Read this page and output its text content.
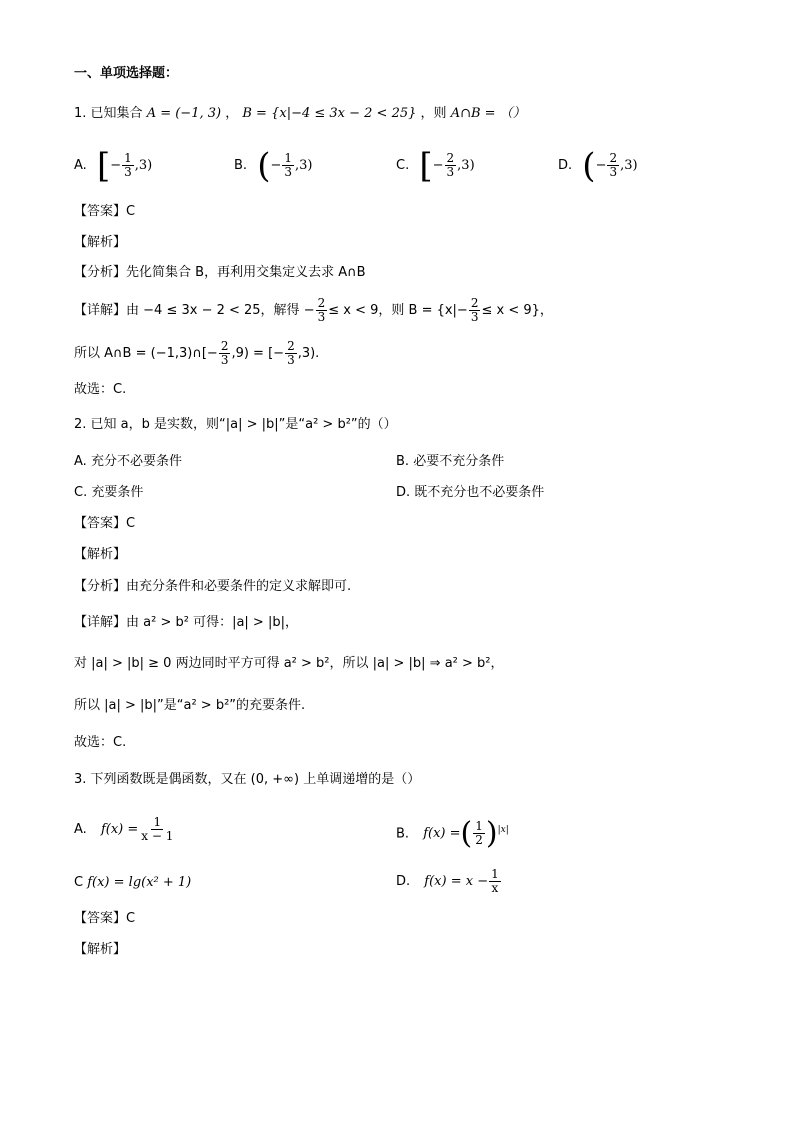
一、单项选择题：
1. 已知集合 A = (−1, 3) ， B = {x|−4 ≤ 3x − 2 < 25} ，则 A∩B = （）
A. [− $\frac{1}{3} ,3$)	B. (− $\frac{1}{3} ,3$)	C. [− $\frac{2}{3} ,3$)	D. (− $\frac{2}{3} ,3$)
【答案】C
【解析】
【分析】先化简集合 B，再利用交集定义去求 A∩B
【详解】由 −4 ≤ 3x − 2 < 25，解得 − $\frac{2}{3} \le x < 9$，则 $B = \{x|- \frac{2}{3} \le x < 9\}$，
所以 A∩B = (−1,3)∩[− $\frac{2}{3} ,9$) = [− $\frac{2}{3} ,3$).
故选：C.
2. 已知 a，b 是实数，则“|a| > |b|”是“a² > b²”的（）
A. 充分不必要条件	B. 必要不充分条件
C. 充要条件	D. 既不充分也不必要条件
【答案】C
【解析】
【分析】由充分条件和必要条件的定义求解即可.
【详解】由 a² > b² 可得：|a| > |b|，
对 |a| > |b| ≥ 0 两边同时平方可得 a² > b²，所以 |a| > |b| ⇒ a² > b²，
所以 |a| > |b|”是“a² > b²”的充要条件.
故选：C.
3. 下列函数既是偶函数，又在 (0, +∞) 上单调递增的是（）
A. $f(x) = \frac{1}{x - 1}$	B. f(x) =( $\frac{1}{2} )^{|x|}$
C f(x) = lg(x² + 1)	D. $f(x) = x - \frac{1}{x}$
【答案】C
【解析】
